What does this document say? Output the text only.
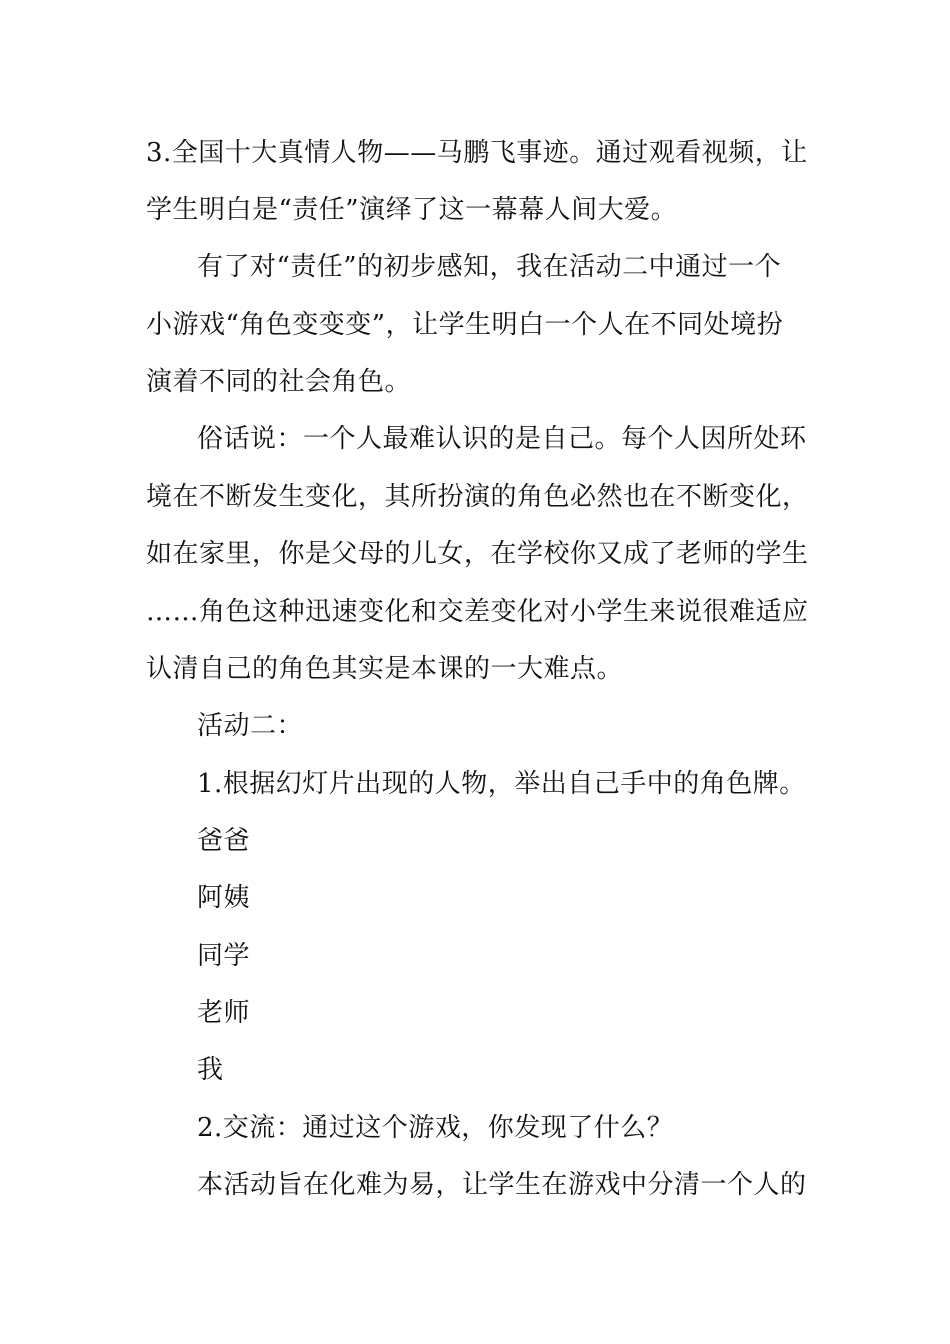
3.全国十大真情人物——马鹏飞事迹。通过观看视频，让
学生明白是“责任”演绎了这一幕幕人间大爱。
有了对“责任”的初步感知，我在活动二中通过一个
小游戏“角色变变变”，让学生明白一个人在不同处境扮
演着不同的社会角色。
俗话说：一个人最难认识的是自己。每个人因所处环
境在不断发生变化，其所扮演的角色必然也在不断变化，
如在家里，你是父母的儿女，在学校你又成了老师的学生
……角色这种迅速变化和交差变化对小学生来说很难适应
认清自己的角色其实是本课的一大难点。
活动二：
1.根据幻灯片出现的人物，举出自己手中的角色牌。
爸爸
阿姨
同学
老师
我
2.交流：通过这个游戏，你发现了什么？
本活动旨在化难为易，让学生在游戏中分清一个人的
